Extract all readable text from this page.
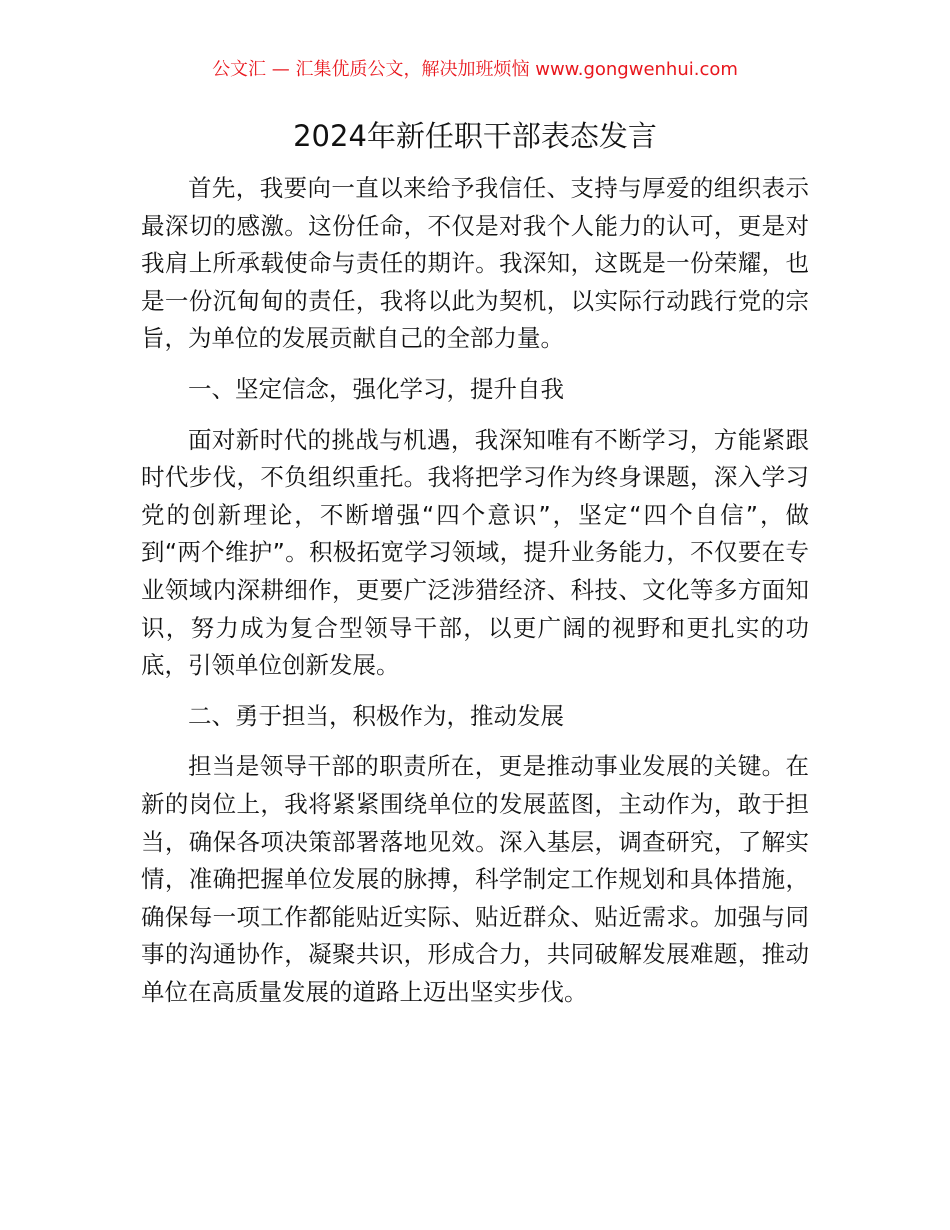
公文汇 — 汇集优质公文，解决加班烦恼 www.gongwenhui.com
2024年新任职干部表态发言

首先，我要向一直以来给予我信任、支持与厚爱的组织表示最深切的感激。这份任命，不仅是对我个人能力的认可，更是对我肩上所承载使命与责任的期许。我深知，这既是一份荣耀，也是一份沉甸甸的责任，我将以此为契机，以实际行动践行党的宗旨，为单位的发展贡献自己的全部力量。

一、坚定信念，强化学习，提升自我

面对新时代的挑战与机遇，我深知唯有不断学习，方能紧跟时代步伐，不负组织重托。我将把学习作为终身课题，深入学习党的创新理论，不断增强“四个意识”，坚定“四个自信”，做到“两个维护”。积极拓宽学习领域，提升业务能力，不仅要在专业领域内深耕细作，更要广泛涉猎经济、科技、文化等多方面知识，努力成为复合型领导干部，以更广阔的视野和更扎实的功底，引领单位创新发展。

二、勇于担当，积极作为，推动发展

担当是领导干部的职责所在，更是推动事业发展的关键。在新的岗位上，我将紧紧围绕单位的发展蓝图，主动作为，敢于担当，确保各项决策部署落地见效。深入基层，调查研究，了解实情，准确把握单位发展的脉搏，科学制定工作规划和具体措施，确保每一项工作都能贴近实际、贴近群众、贴近需求。加强与同事的沟通协作，凝聚共识，形成合力，共同破解发展难题，推动单位在高质量发展的道路上迈出坚实步伐。
